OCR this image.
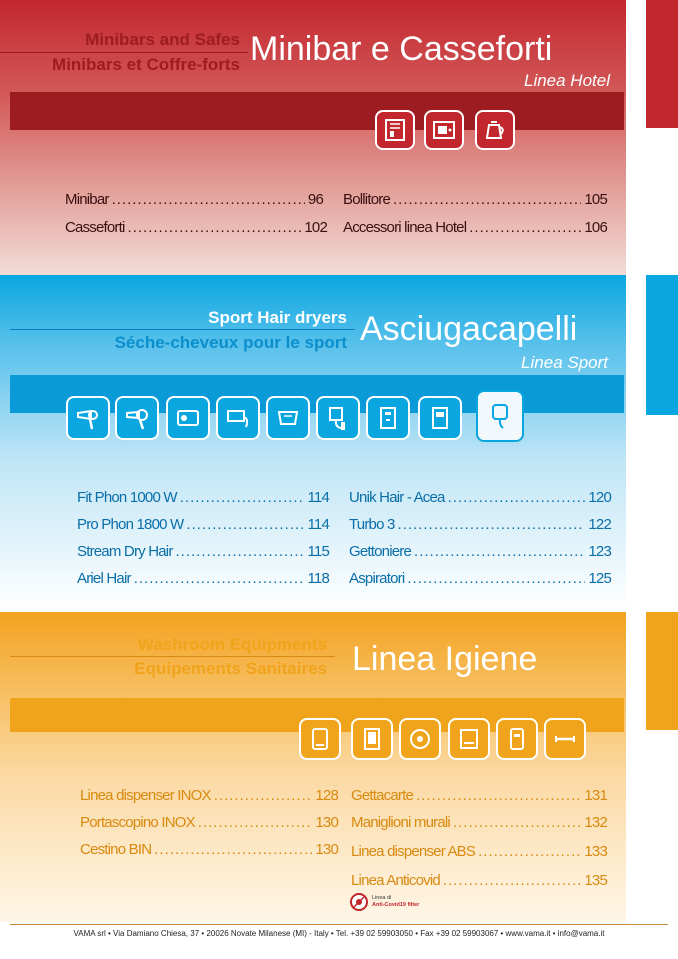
Minibars and Safes
Minibars et Coffre-forts Minibar e Casseforti
Linea Hotel
Minibar .....	96
Casseforti .....	102
Bollitore .....	105
Accessori linea Hotel .....	106
Sport Hair dryers
Séche-cheveux pour le sport Asciugacapelli
Linea Sport
Fit Phon 1000 W .....	114
Pro Phon 1800 W .....	114
Stream Dry Hair .....	115
Ariel Hair .....	118
Unik Hair - Acea .....	120
Turbo 3 .....	122
Gettoniere .....	123
Aspiratori .....	125
Washroom Equipments
Equipements Sanitaires Linea Igiene
Linea dispenser INOX .....	128
Portascopino INOX .....	130
Cestino BIN .....	130
Gettacarte .....	131
Maniglioni murali .....	132
Linea dispenser ABS .....	133
Linea Anticovid .....	135
Linea di
Anti-Covid19 filter
VAMA srl • Via Damiano Chiesa, 37 • 20026 Novate Milanese (MI) - Italy • Tel. +39 02 59903050 • Fax +39 02 59903067 • www.vama.it • info@vama.it
